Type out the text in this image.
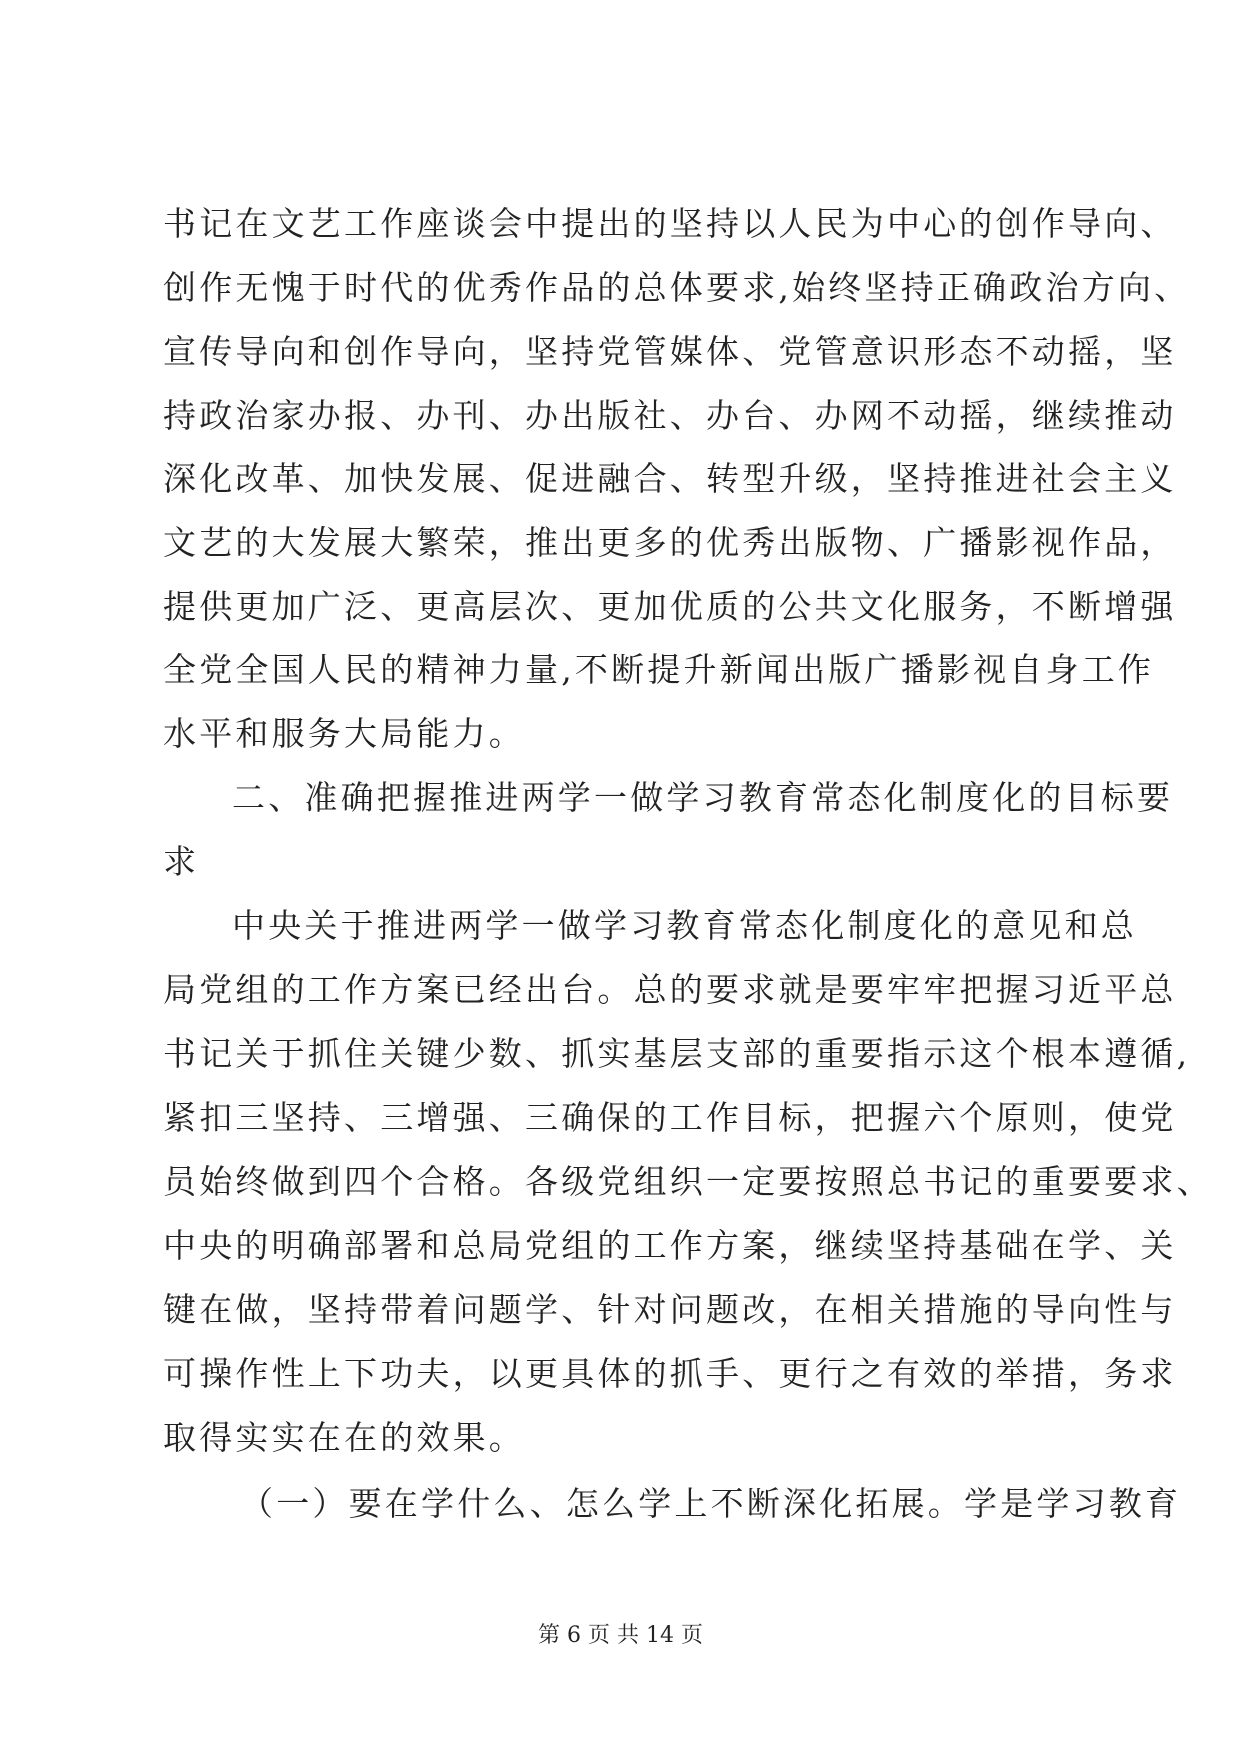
书记在文艺工作座谈会中提出的坚持以人民为中心的创作导向、
创作无愧于时代的优秀作品的总体要求,始终坚持正确政治方向、
宣传导向和创作导向，坚持党管媒体、党管意识形态不动摇，坚
持政治家办报、办刊、办出版社、办台、办网不动摇，继续推动
深化改革、加快发展、促进融合、转型升级，坚持推进社会主义
文艺的大发展大繁荣，推出更多的优秀出版物、广播影视作品，
提供更加广泛、更高层次、更加优质的公共文化服务，不断增强
全党全国人民的精神力量,不断提升新闻出版广播影视自身工作
水平和服务大局能力。
二、准确把握推进两学一做学习教育常态化制度化的目标要
求
中央关于推进两学一做学习教育常态化制度化的意见和总
局党组的工作方案已经出台。总的要求就是要牢牢把握习近平总
书记关于抓住关键少数、抓实基层支部的重要指示这个根本遵循,
紧扣三坚持、三增强、三确保的工作目标，把握六个原则，使党
员始终做到四个合格。各级党组织一定要按照总书记的重要要求、
中央的明确部署和总局党组的工作方案，继续坚持基础在学、关
键在做，坚持带着问题学、针对问题改，在相关措施的导向性与
可操作性上下功夫，以更具体的抓手、更行之有效的举措，务求
取得实实在在的效果。
（一）要在学什么、怎么学上不断深化拓展。学是学习教育
第 6 页 共 14 页
